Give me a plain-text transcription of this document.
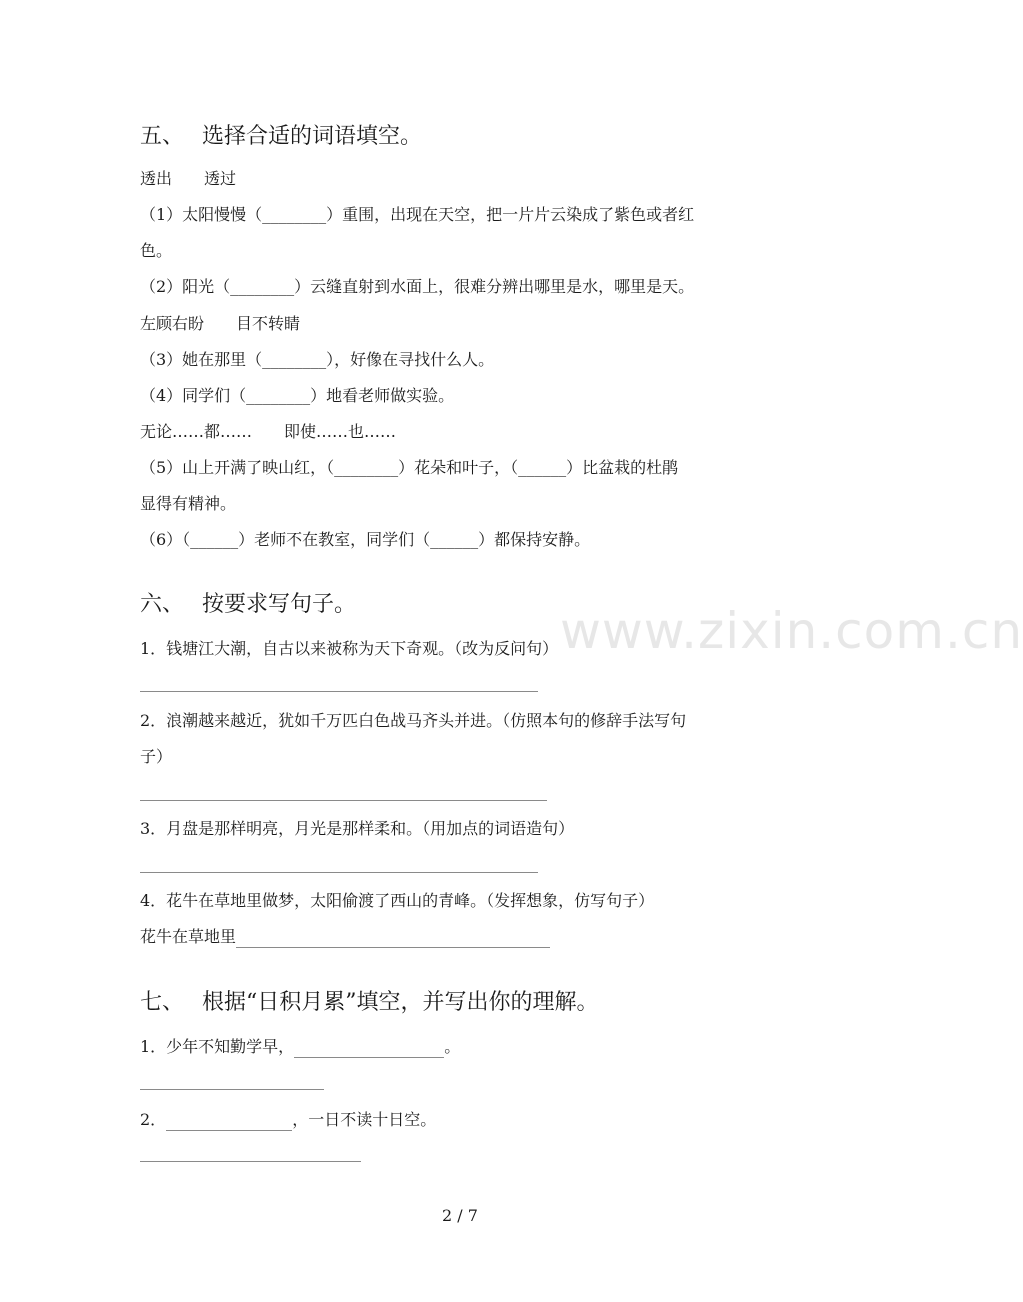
www.zixin.com.cn
五、 选择合适的词语填空。
透出 透过
（1）太阳慢慢（________）重围，出现在天空，把一片片云染成了紫色或者红
色。
（2）阳光（________）云缝直射到水面上，很难分辨出哪里是水，哪里是天。
左顾右盼 目不转睛
（3）她在那里（________），好像在寻找什么人。
（4）同学们（________）地看老师做实验。
无论……都…… 即使……也……
（5）山上开满了映山红，（________）花朵和叶子，（______）比盆栽的杜鹃
显得有精神。
（6）（______）老师不在教室，同学们（______）都保持安静。
六、 按要求写句子。
1．钱塘江大潮，自古以来被称为天下奇观。（改为反问句）
2．浪潮越来越近，犹如千万匹白色战马齐头并进。（仿照本句的修辞手法写句
子）
3．月盘是那样明亮，月光是那样柔和。（用加点的词语造句）
4．花牛在草地里做梦，太阳偷渡了西山的青峰。（发挥想象，仿写句子）
花牛在草地里
七、 根据“日积月累”填空，并写出你的理解。
1．少年不知勤学早，	。
2．	，一日不读十日空。
2 / 7
